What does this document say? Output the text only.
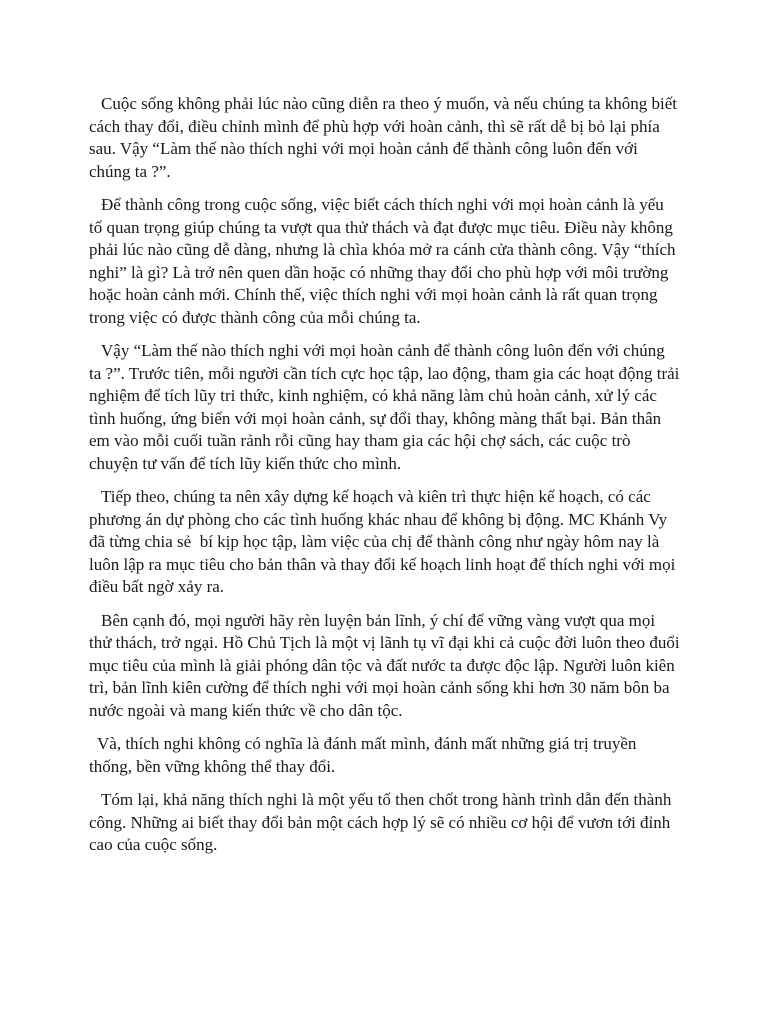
Cuộc sống không phải lúc nào cũng diễn ra theo ý muốn, và nếu chúng ta không biết cách thay đổi, điều chỉnh mình để phù hợp với hoàn cảnh, thì sẽ rất dễ bị bỏ lại phía sau. Vậy “Làm thế nào thích nghi với mọi hoàn cảnh để thành công luôn đến với chúng ta ?”.

Để thành công trong cuộc sống, việc biết cách thích nghi với mọi hoàn cảnh là yếu tố quan trọng giúp chúng ta vượt qua thử thách và đạt được mục tiêu. Điều này không phải lúc nào cũng dễ dàng, nhưng là chìa khóa mở ra cánh cửa thành công. Vậy “thích nghi” là gì? Là trở nên quen dần hoặc có những thay đổi cho phù hợp với môi trường hoặc hoàn cảnh mới. Chính thế, việc thích nghi với mọi hoàn cảnh là rất quan trọng trong việc có được thành công của mỗi chúng ta.

Vậy “Làm thế nào thích nghi với mọi hoàn cảnh để thành công luôn đến với chúng ta ?”. Trước tiên, mỗi người cần tích cực học tập, lao động, tham gia các hoạt động trải nghiệm để tích lũy tri thức, kinh nghiệm, có khả năng làm chủ hoàn cảnh, xử lý các tình huống, ứng biến với mọi hoàn cảnh, sự đổi thay, không màng thất bại. Bản thân em vào mỗi cuối tuần rảnh rỗi cũng hay tham gia các hội chợ sách, các cuộc trò chuyện tư vấn để tích lũy kiến thức cho mình.

Tiếp theo, chúng ta nên xây dựng kế hoạch và kiên trì thực hiện kế hoạch, có các phương án dự phòng cho các tình huống khác nhau để không bị động. MC Khánh Vy đã từng chia sẻ  bí kịp học tập, làm việc của chị để thành công như ngày hôm nay là luôn lập ra mục tiêu cho bản thân và thay đổi kế hoạch linh hoạt để thích nghi với mọi điều bất ngờ xảy ra.

Bên cạnh đó, mọi người hãy rèn luyện bản lĩnh, ý chí để vững vàng vượt qua mọi thử thách, trở ngại. Hồ Chủ Tịch là một vị lãnh tụ vĩ đại khi cả cuộc đời luôn theo đuổi mục tiêu của mình là giải phóng dân tộc và đất nước ta được độc lập. Người luôn kiên trì, bản lĩnh kiên cường để thích nghi với mọi hoàn cảnh sống khi hơn 30 năm bôn ba nước ngoài và mang kiến thức về cho dân tộc.

Và, thích nghi không có nghĩa là đánh mất mình, đánh mất những giá trị truyền thống, bền vững không thể thay đổi.

Tóm lại, khả năng thích nghi là một yếu tố then chốt trong hành trình dẫn đến thành công. Những ai biết thay đổi bản một cách hợp lý sẽ có nhiều cơ hội để vươn tới đỉnh cao của cuộc sống.
